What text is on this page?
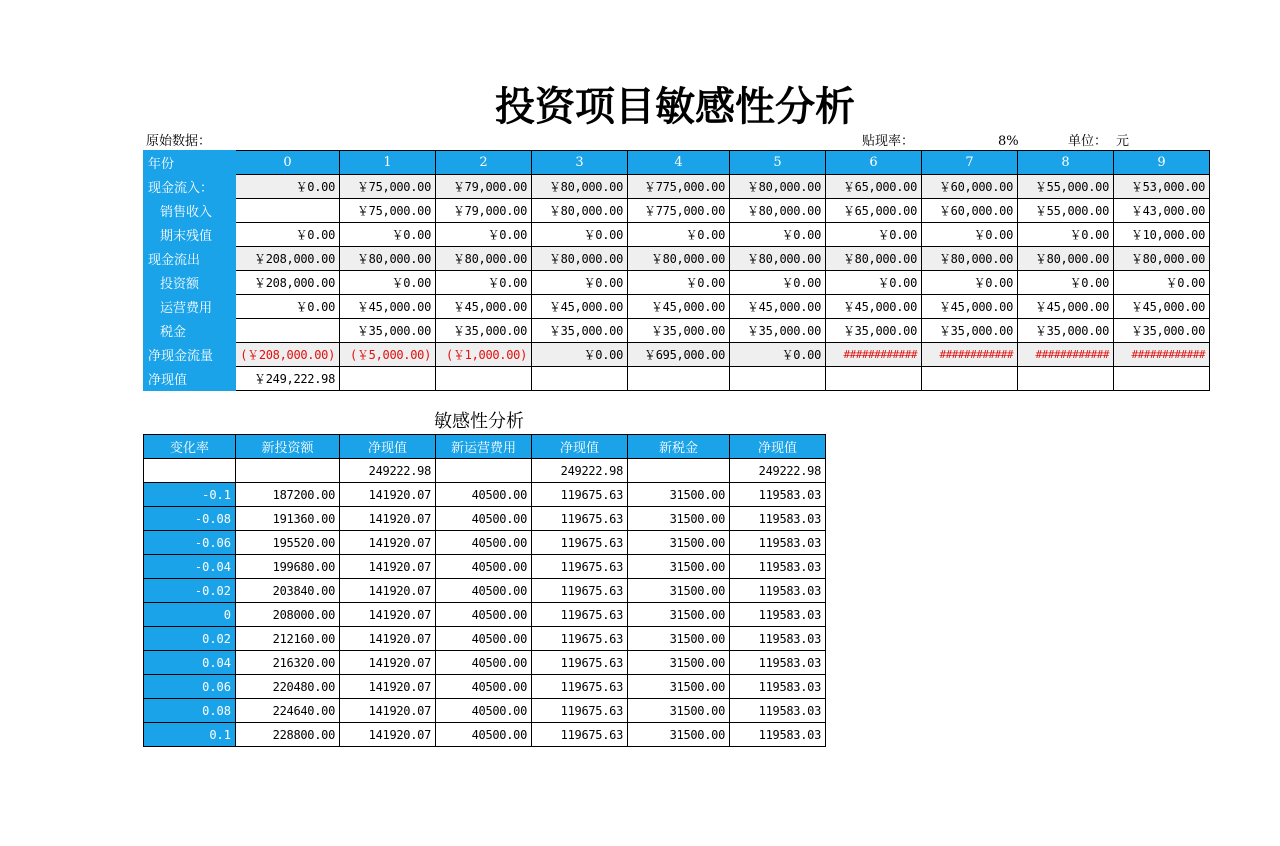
投资项目敏感性分析
原始数据：	贴现率：	8%	单位： 元
年份	0	1	2	3	4	5	6	7	8	9
现金流入：	￥0.00	￥75,000.00	￥79,000.00	￥80,000.00	￥775,000.00	￥80,000.00	￥65,000.00	￥60,000.00	￥55,000.00	￥53,000.00
销售收入		￥75,000.00	￥79,000.00	￥80,000.00	￥775,000.00	￥80,000.00	￥65,000.00	￥60,000.00	￥55,000.00	￥43,000.00
期末残值	￥0.00	￥0.00	￥0.00	￥0.00	￥0.00	￥0.00	￥0.00	￥0.00	￥0.00	￥10,000.00
现金流出	￥208,000.00	￥80,000.00	￥80,000.00	￥80,000.00	￥80,000.00	￥80,000.00	￥80,000.00	￥80,000.00	￥80,000.00	￥80,000.00
投资额	￥208,000.00	￥0.00	￥0.00	￥0.00	￥0.00	￥0.00	￥0.00	￥0.00	￥0.00	￥0.00
运营费用	￥0.00	￥45,000.00	￥45,000.00	￥45,000.00	￥45,000.00	￥45,000.00	￥45,000.00	￥45,000.00	￥45,000.00	￥45,000.00
税金		￥35,000.00	￥35,000.00	￥35,000.00	￥35,000.00	￥35,000.00	￥35,000.00	￥35,000.00	￥35,000.00	￥35,000.00
净现金流量	(￥208,000.00)	(￥5,000.00)	(￥1,000.00)	￥0.00	￥695,000.00	￥0.00	############	############	############	############
净现值	￥249,222.98									
敏感性分析
变化率	新投资额	净现值	新运营费用	净现值	新税金	净现值
		249222.98		249222.98		249222.98
-0.1	187200.00	141920.07	40500.00	119675.63	31500.00	119583.03
-0.08	191360.00	141920.07	40500.00	119675.63	31500.00	119583.03
-0.06	195520.00	141920.07	40500.00	119675.63	31500.00	119583.03
-0.04	199680.00	141920.07	40500.00	119675.63	31500.00	119583.03
-0.02	203840.00	141920.07	40500.00	119675.63	31500.00	119583.03
0	208000.00	141920.07	40500.00	119675.63	31500.00	119583.03
0.02	212160.00	141920.07	40500.00	119675.63	31500.00	119583.03
0.04	216320.00	141920.07	40500.00	119675.63	31500.00	119583.03
0.06	220480.00	141920.07	40500.00	119675.63	31500.00	119583.03
0.08	224640.00	141920.07	40500.00	119675.63	31500.00	119583.03
0.1	228800.00	141920.07	40500.00	119675.63	31500.00	119583.03
